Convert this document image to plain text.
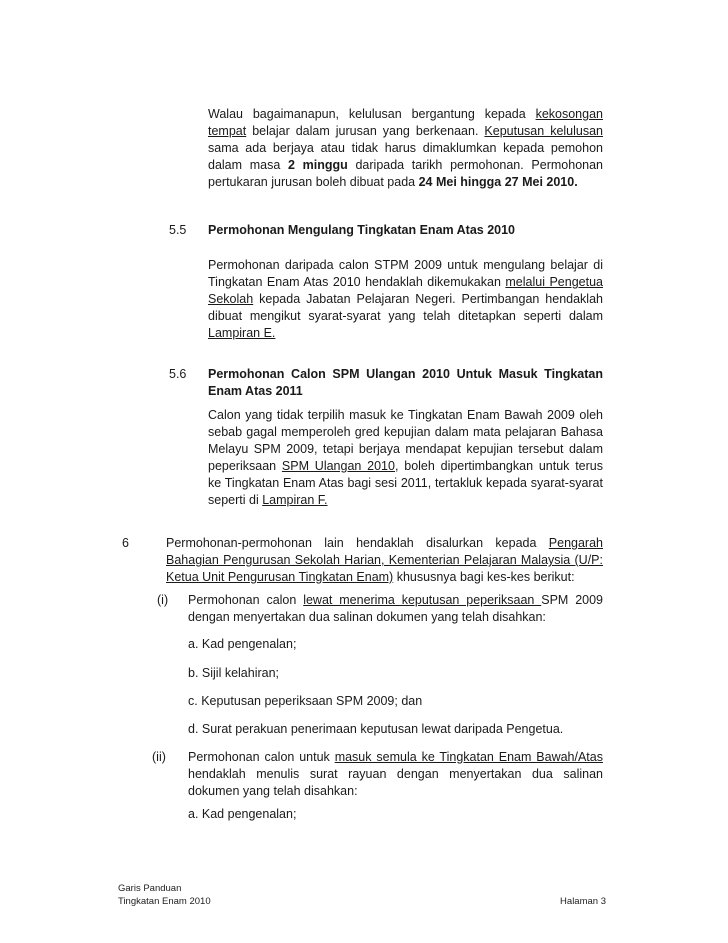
Walau bagaimanapun, kelulusan bergantung kepada kekosongan tempat belajar dalam jurusan yang berkenaan. Keputusan kelulusan sama ada berjaya atau tidak harus dimaklumkan kepada pemohon dalam masa 2 minggu daripada tarikh permohonan. Permohonan pertukaran jurusan boleh dibuat pada 24 Mei hingga 27 Mei 2010.
5.5 Permohonan Mengulang Tingkatan Enam Atas 2010
Permohonan daripada calon STPM 2009 untuk mengulang belajar di Tingkatan Enam Atas 2010 hendaklah dikemukakan melalui Pengetua Sekolah kepada Jabatan Pelajaran Negeri. Pertimbangan hendaklah dibuat mengikut syarat-syarat yang telah ditetapkan seperti dalam Lampiran E.
5.6 Permohonan Calon SPM Ulangan 2010 Untuk Masuk Tingkatan
Enam Atas 2011
Calon yang tidak terpilih masuk ke Tingkatan Enam Bawah 2009 oleh sebab gagal memperoleh gred kepujian dalam mata pelajaran Bahasa Melayu SPM 2009, tetapi berjaya mendapat kepujian tersebut dalam peperiksaan SPM Ulangan 2010, boleh dipertimbangkan untuk terus ke Tingkatan Enam Atas bagi sesi 2011, tertakluk kepada syarat-syarat seperti di Lampiran F.
6	Permohonan-permohonan lain hendaklah disalurkan kepada Pengarah Bahagian Pengurusan Sekolah Harian, Kementerian Pelajaran Malaysia (U/P: Ketua Unit Pengurusan Tingkatan Enam) khususnya bagi kes-kes berikut:
(i) Permohonan calon lewat menerima keputusan peperiksaan SPM 2009 dengan menyertakan dua salinan dokumen yang telah disahkan:
a. Kad pengenalan;
b. Sijil kelahiran;
c. Keputusan peperiksaan SPM 2009; dan
d. Surat perakuan penerimaan keputusan lewat daripada Pengetua.
(ii) Permohonan calon untuk masuk semula ke Tingkatan Enam Bawah/Atas hendaklah menulis surat rayuan dengan menyertakan dua salinan dokumen yang telah disahkan:
a. Kad pengenalan;
Garis Panduan
Tingkatan Enam 2010	Halaman 3
